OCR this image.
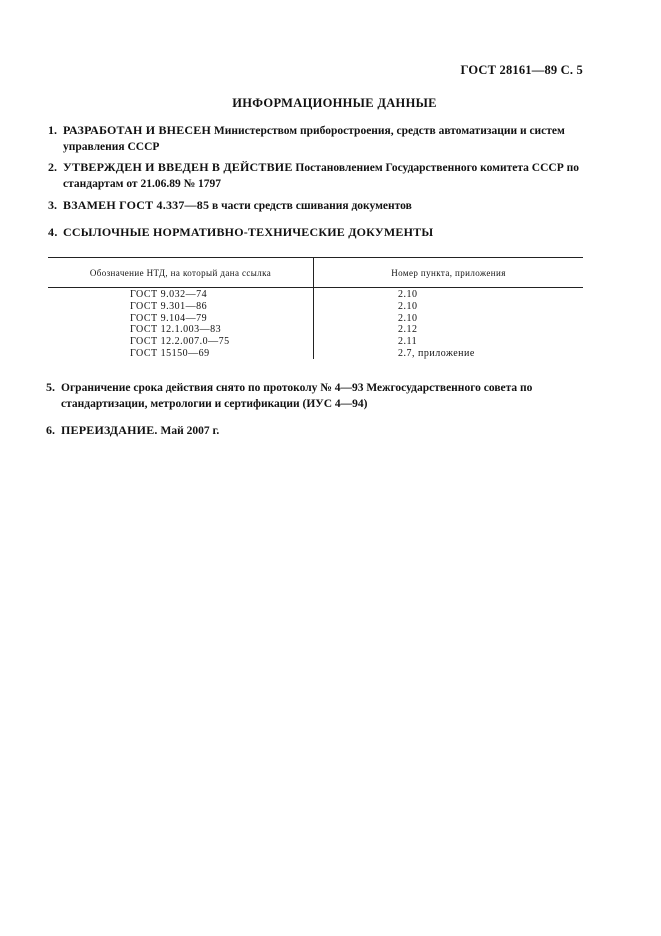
ГОСТ 28161—89 С. 5
ИНФОРМАЦИОННЫЕ ДАННЫЕ
1. РАЗРАБОТАН И ВНЕСЕН Министерством приборостроения, средств автоматизации и систем управления СССР
2. УТВЕРЖДЕН И ВВЕДЕН В ДЕЙСТВИЕ Постановлением Государственного комитета СССР по стандартам от 21.06.89 № 1797
3. ВЗАМЕН ГОСТ 4.337—85 в части средств сшивания документов
4. ССЫЛОЧНЫЕ НОРМАТИВНО-ТЕХНИЧЕСКИЕ ДОКУМЕНТЫ
Обозначение НТД, на который дана ссылка	Номер пункта, приложения
ГОСТ 9.032—74	2.10
ГОСТ 9.301—86	2.10
ГОСТ 9.104—79	2.10
ГОСТ 12.1.003—83	2.12
ГОСТ 12.2.007.0—75	2.11
ГОСТ 15150—69	2.7, приложение
5. Ограничение срока действия снято по протоколу № 4—93 Межгосударственного совета по стандартизации, метрологии и сертификации (ИУС 4—94)
6. ПЕРЕИЗДАНИЕ. Май 2007 г.
